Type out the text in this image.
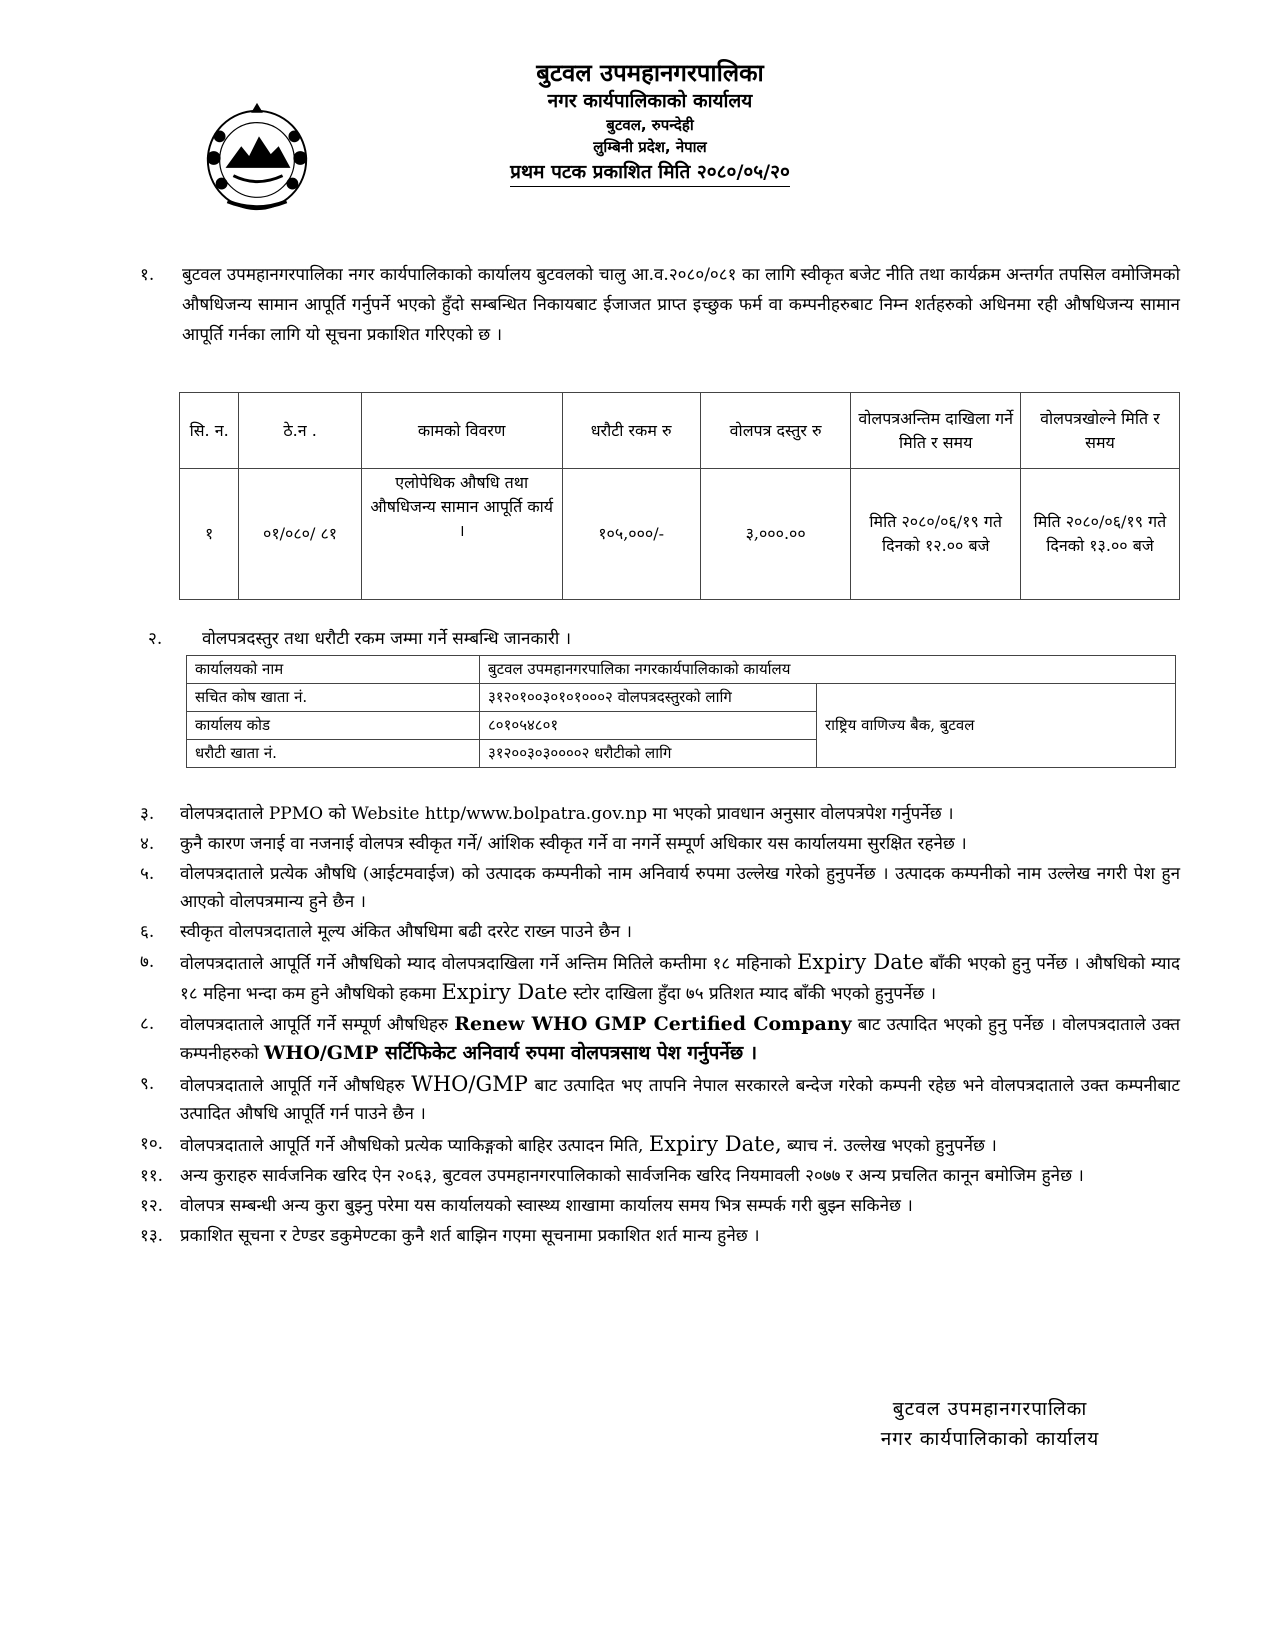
बुटवल उपमहानगरपालिका
नगर कार्यपालिकाको कार्यालय
बुटवल, रुपन्देही
लुम्बिनी प्रदेश, नेपाल
प्रथम पटक प्रकाशित मिति २०८०/०५/२०
१. बुटवल उपमहानगरपालिका नगर कार्यपालिकाको कार्यालय बुटवलको चालु आ.व.२०८०/०८१ का लागि स्वीकृत बजेट नीति तथा कार्यक्रम अन्तर्गत तपसिल वमोजिमको औषधिजन्य सामान आपूर्ति गर्नुपर्ने भएको हुँदो सम्बन्धित निकायबाट ईजाजत प्राप्त इच्छुक फर्म वा कम्पनीहरुबाट निम्न शर्तहरुको अधिनमा रही औषधिजन्य सामान आपूर्ति गर्नका लागि यो सूचना प्रकाशित गरिएको छ ।
सि. न.	ठे.न .	कामको विवरण	धरौटी रकम रु	वोलपत्र दस्तुर रु	वोलपत्रअन्तिम दाखिला गर्ने मिति र समय	वोलपत्रखोल्ने मिति र समय
१	०१/०८०/ ८१	एलोपेथिक औषधि तथा औषधिजन्य सामान आपूर्ति कार्य ।	१०५,०००/-	३,०००.००	मिति २०८०/०६/१९ गते दिनको १२.०० बजे	मिति २०८०/०६/१९ गते दिनको १३.०० बजे
२. वोलपत्रदस्तुर तथा धरौटी रकम जम्मा गर्ने सम्बन्धि जानकारी ।
कार्यालयको नाम	बुटवल उपमहानगरपालिका नगरकार्यपालिकाको कार्यालय	
सचित कोष खाता नं.	३१२०१००३०१०१०००२ वोलपत्रदस्तुरको लागि	राष्ट्रिय वाणिज्य बैक, बुटवल
कार्यालय कोड	८०१०५४८०१	
धरौटी खाता नं.	३१२००३०३००००२ धरौटीको लागि	
३. वोलपत्रदाताले PPMO को Website http/www.bolpatra.gov.np मा भएको प्रावधान अनुसार वोलपत्रपेश गर्नुपर्नेछ ।
४. कुनै कारण जनाई वा नजनाई वोलपत्र स्वीकृत गर्ने/ आंशिक स्वीकृत गर्ने वा नगर्ने सम्पूर्ण अधिकार यस कार्यालयमा सुरक्षित रहनेछ ।
५. वोलपत्रदाताले प्रत्येक औषधि (आईटमवाईज) को उत्पादक कम्पनीको नाम अनिवार्य रुपमा उल्लेख गरेको हुनुपर्नेछ । उत्पादक कम्पनीको नाम उल्लेख नगरी पेश हुन आएको वोलपत्रमान्य हुने छैन ।
६. स्वीकृत वोलपत्रदाताले मूल्य अंकित औषधिमा बढी दररेट राख्न पाउने छैन ।
७. वोलपत्रदाताले आपूर्ति गर्ने औषधिको म्याद वोलपत्रदाखिला गर्ने अन्तिम मितिले कम्तीमा १८ महिनाको Expiry Date बाँकी भएको हुनु पर्नेछ । औषधिको म्याद १८ महिना भन्दा कम हुने औषधिको हकमा Expiry Date स्टोर दाखिला हुँदा ७५ प्रतिशत म्याद बाँकी भएको हुनुपर्नेछ ।
८. वोलपत्रदाताले आपूर्ति गर्ने सम्पूर्ण औषधिहरु Renew WHO GMP Certified Company बाट उत्पादित भएको हुनु पर्नेछ । वोलपत्रदाताले उक्त कम्पनीहरुको WHO/GMP सर्टिफिकेट अनिवार्य रुपमा वोलपत्रसाथ पेश गर्नुपर्नेछ ।
९. वोलपत्रदाताले आपूर्ति गर्ने औषधिहरु WHO/GMP बाट उत्पादित भए तापनि नेपाल सरकारले बन्देज गरेको कम्पनी रहेछ भने वोलपत्रदाताले उक्त कम्पनीबाट उत्पादित औषधि आपूर्ति गर्न पाउने छैन ।
१०. वोलपत्रदाताले आपूर्ति गर्ने औषधिको प्रत्येक प्याकिङ्गको बाहिर उत्पादन मिति, Expiry Date, ब्याच नं. उल्लेख भएको हुनुपर्नेछ ।
११. अन्य कुराहरु सार्वजनिक खरिद ऐन २०६३, बुटवल उपमहानगरपालिकाको सार्वजनिक खरिद नियमावली २०७७ र अन्य प्रचलित कानून बमोजिम हुनेछ ।
१२. वोलपत्र सम्बन्धी अन्य कुरा बुझ्नु परेमा यस कार्यालयको स्वास्थ्य शाखामा कार्यालय समय भित्र सम्पर्क गरी बुझ्न सकिनेछ ।
१३. प्रकाशित सूचना र टेण्डर डकुमेण्टका कुनै शर्त बाझिन गएमा सूचनामा प्रकाशित शर्त मान्य हुनेछ ।
बुटवल उपमहानगरपालिका
नगर कार्यपालिकाको कार्यालय
